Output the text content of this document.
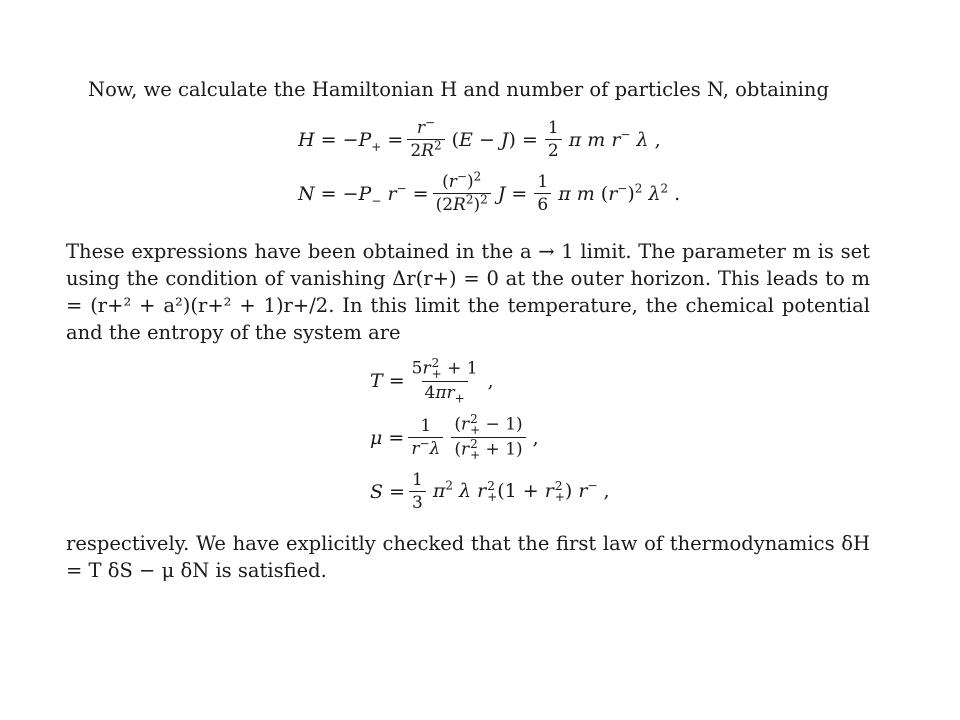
Now, we calculate the Hamiltonian H and number of particles N, obtaining

$H = -P_+ = \frac{r^-}{2R^2} (E - J) = \frac{1}{2}$ π m r− λ ,
$N = -P_-$ $r^- = \frac{(r^-)^2}{(2R^2)^2}$ $J = \frac{1}{6}$ π m $(r^-)^2$ $\lambda^2$ .

These expressions have been obtained in the a → 1 limit. The parameter m is set using the condition of vanishing Δr(r+) = 0 at the outer horizon. This leads to m = (r+² + a²)(r+² + 1)r+/2. In this limit the temperature, the chemical potential and the entropy of the system are

T = 5r 2
+ + 1
$4\pi r_+$ ,
$\mu = \frac{1}{r^-\lambda} (r$ 2
+ − 1)
(r 2
+ + 1) ,
$S = \frac{1}{3} \pi^2$ λ r 2
+ (1 + r 2
+ ) r− ,

respectively. We have explicitly checked that the first law of thermodynamics δH = T δS − μ δN is satisfied.
